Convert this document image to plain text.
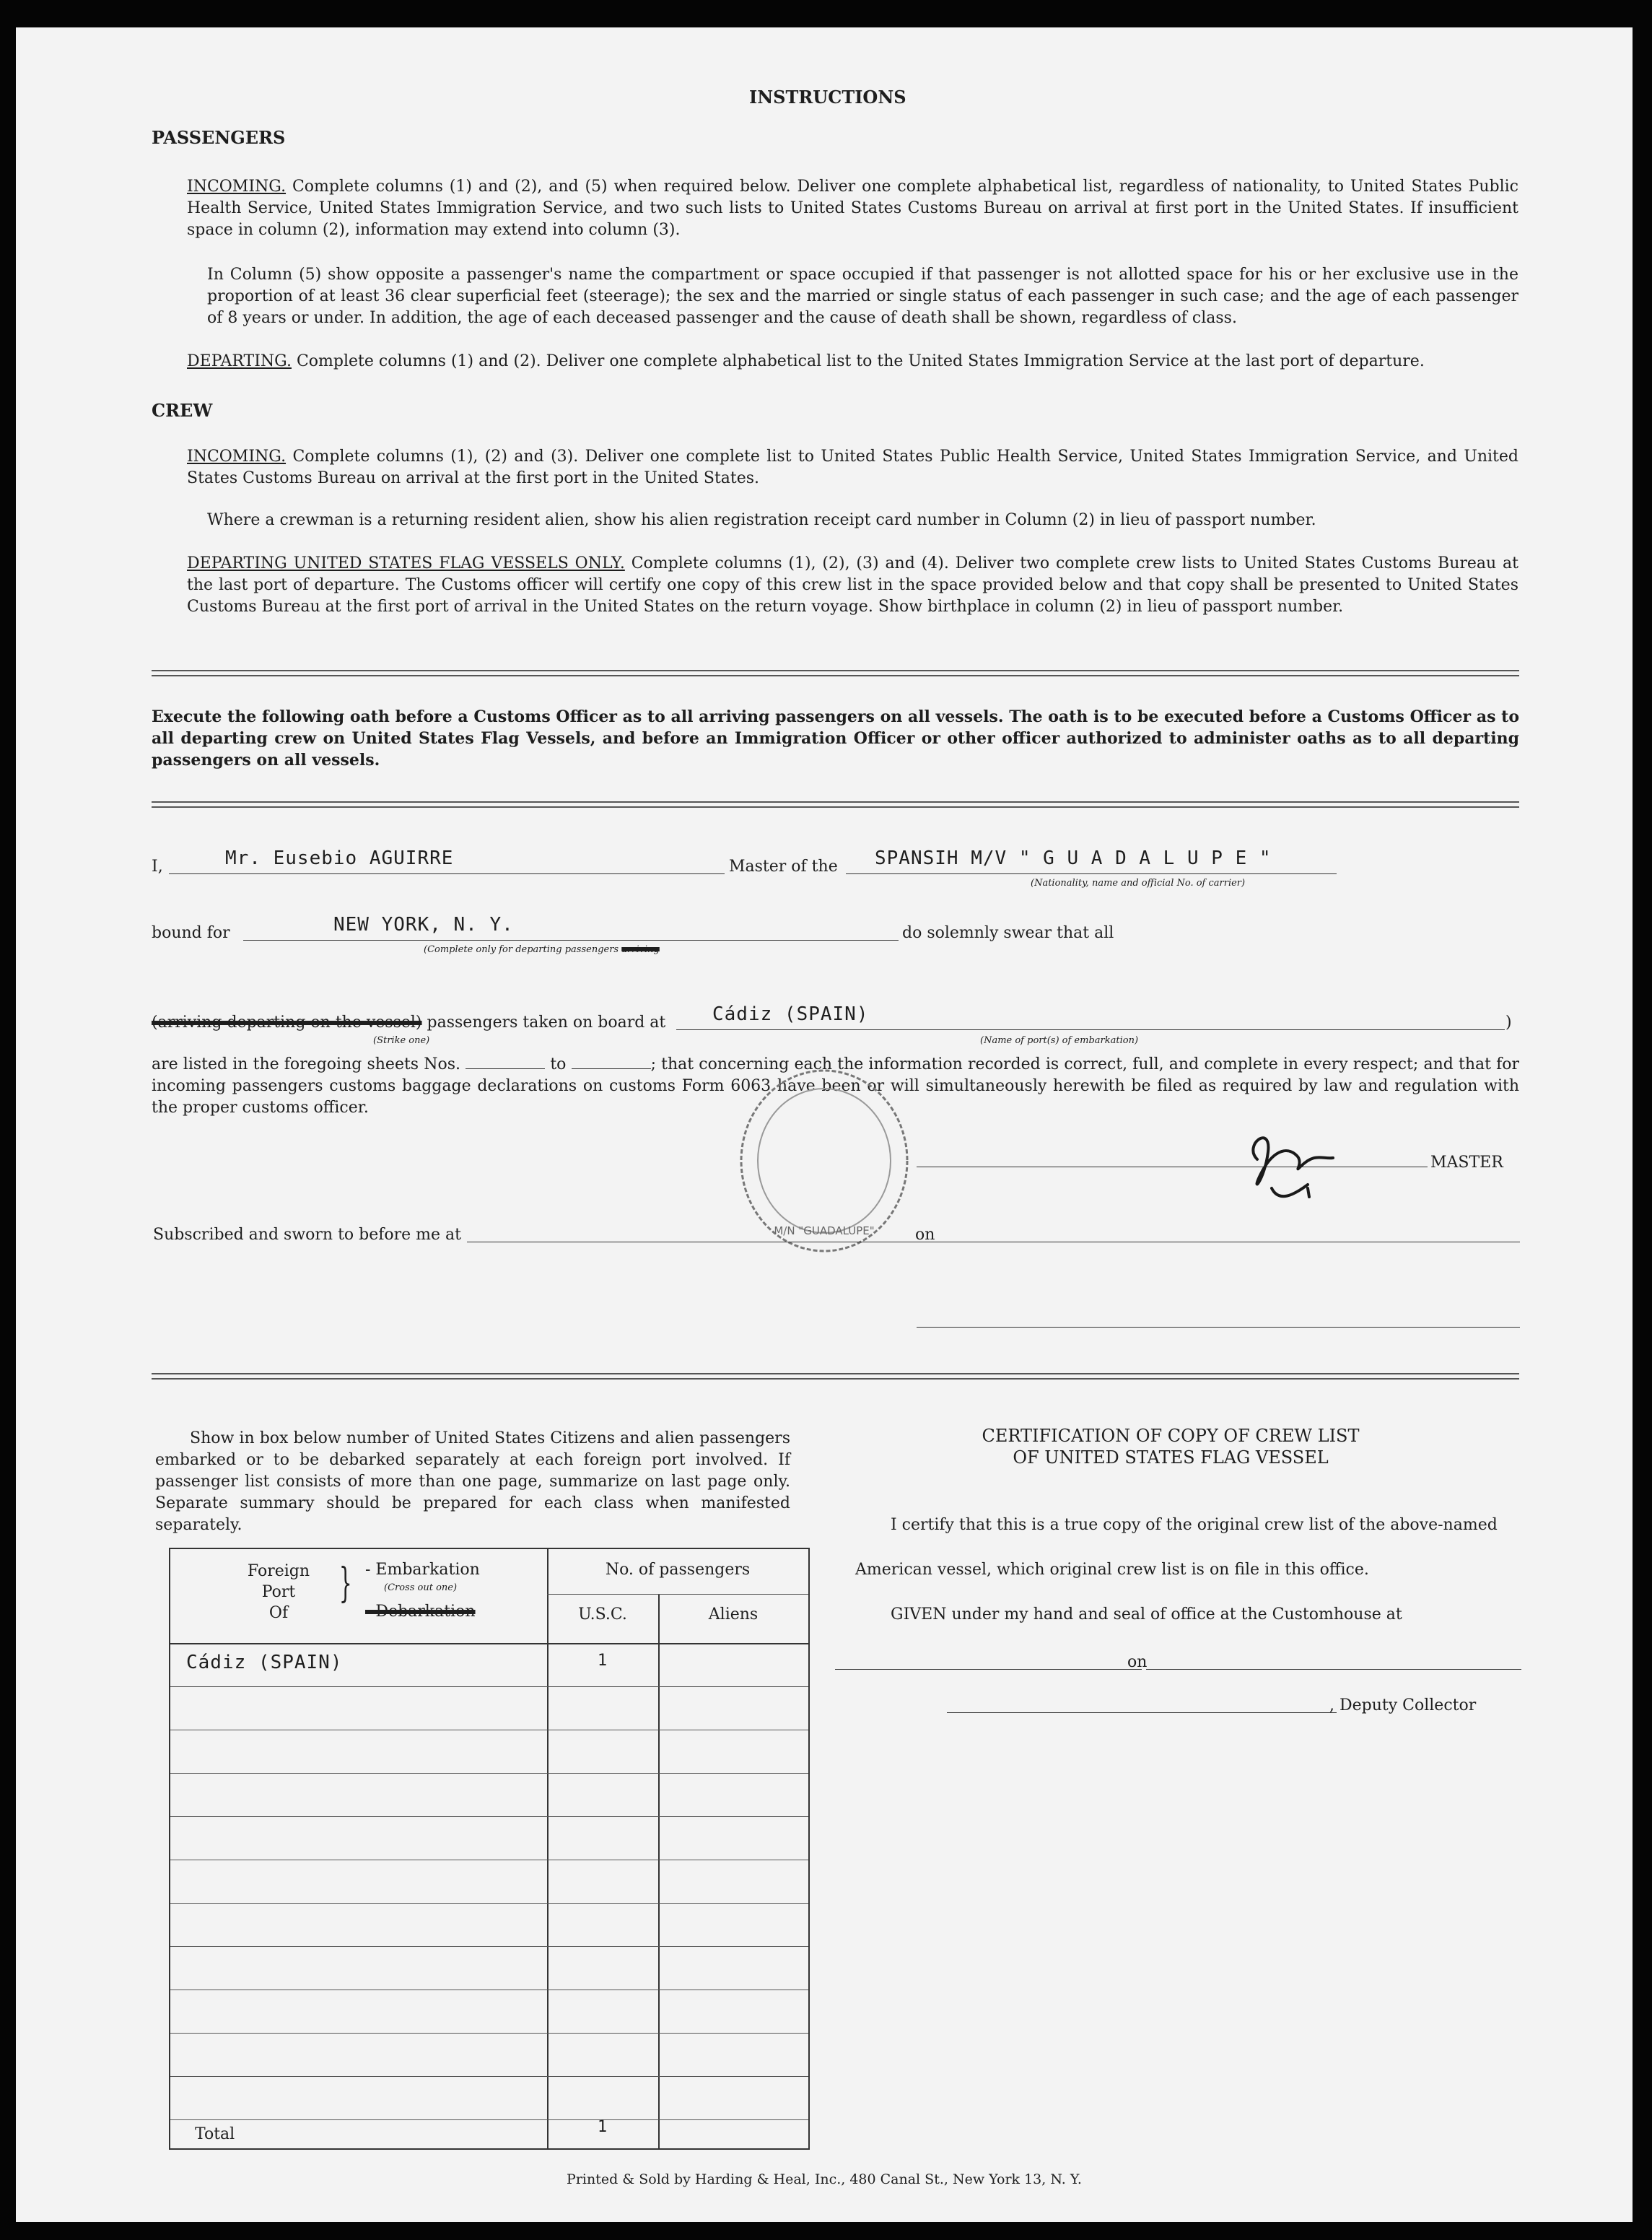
INSTRUCTIONS
PASSENGERS
INCOMING. Complete columns (1) and (2), and (5) when required below. Deliver one complete alphabetical list, regardless of nationality, to United States Public Health Service, United States Immigration Service, and two such lists to United States Customs Bureau on arrival at first port in the United States. If insufficient space in column (2), information may extend into column (3).
In Column (5) show opposite a passenger's name the compartment or space occupied if that passenger is not allotted space for his or her exclusive use in the proportion of at least 36 clear superficial feet (steerage); the sex and the married or single status of each passenger in such case; and the age of each passenger of 8 years or under. In addition, the age of each deceased passenger and the cause of death shall be shown, regardless of class.
DEPARTING. Complete columns (1) and (2). Deliver one complete alphabetical list to the United States Immigration Service at the last port of departure.
CREW
INCOMING. Complete columns (1), (2) and (3). Deliver one complete list to United States Public Health Service, United States Immigration Service, and United States Customs Bureau on arrival at the first port in the United States.
Where a crewman is a returning resident alien, show his alien registration receipt card number in Column (2) in lieu of passport number.
DEPARTING UNITED STATES FLAG VESSELS ONLY. Complete columns (1), (2), (3) and (4). Deliver two complete crew lists to United States Customs Bureau at the last port of departure. The Customs officer will certify one copy of this crew list in the space provided below and that copy shall be presented to United States Customs Bureau at the first port of arrival in the United States on the return voyage. Show birthplace in column (2) in lieu of passport number.
Execute the following oath before a Customs Officer as to all arriving passengers on all vessels. The oath is to be executed before a Customs Officer as to all departing crew on United States Flag Vessels, and before an Immigration Officer or other officer authorized to administer oaths as to all departing passengers on all vessels.
I,	Mr. Eusebio AGUIRRE	Master of the SPANSIH M/V " G U A D A L U P E "
(Nationality, name and official No. of carrier)
bound for	NEW YORK, N. Y.
(Complete only for departing passengers arriving
do solemnly swear that all
(arriving departing on the vessel) passengers taken on board at
(Strike one)
Cádiz (SPAIN)
(Name of port(s) of embarkation)
)
are listed in the foregoing sheets Nos.	to	; that concerning each the information recorded is correct, full, and complete in every respect; and that for incoming passengers customs baggage declarations on customs Form 6063 have been or will simultaneously herewith be filed as required by law and regulation with the proper customs officer.
M/N "GUADALUPE"
MASTER
Subscribed and sworn to before me at	on
Show in box below number of United States Citizens and alien passengers embarked or to be debarked separately at each foreign port involved. If passenger list consists of more than one page, summarize on last page only. Separate summary should be prepared for each class when manifested separately.
Foreign
Port
Of
} - Embarkation
(Cross out one)
- Debarkation
No. of passengers
U.S.C.	Aliens
Cádiz (SPAIN)	1
Total	1
CERTIFICATION OF COPY OF CREW LIST
OF UNITED STATES FLAG VESSEL
I certify that this is a true copy of the original crew list of the above-named
American vessel, which original crew list is on file in this office.
GIVEN under my hand and seal of office at the Customhouse at
on
, Deputy Collector
Printed & Sold by Harding & Heal, Inc., 480 Canal St., New York 13, N. Y.
